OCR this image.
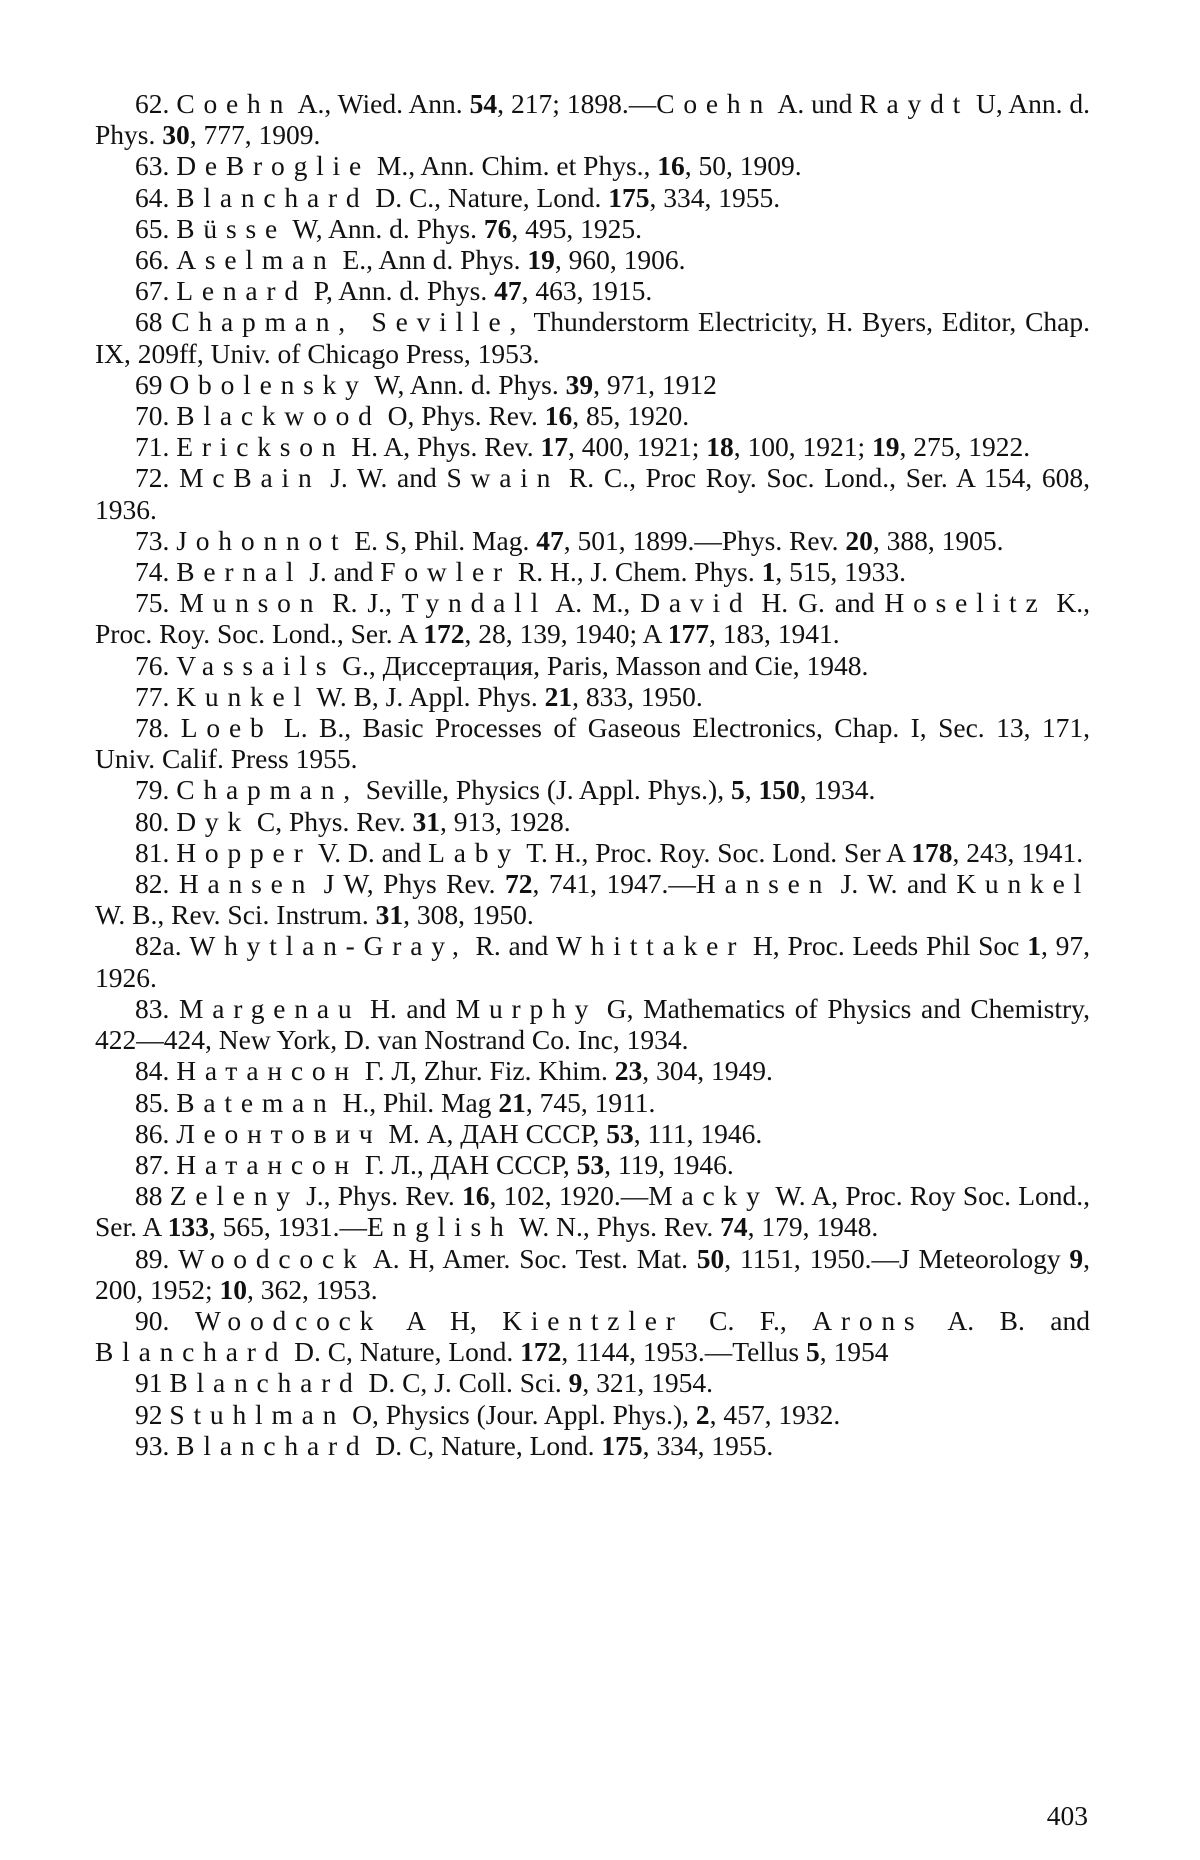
62. Coehn A., Wied. Ann. 54, 217; 1898.—Coehn A. und Raydt U, Ann. d. Phys. 30, 777, 1909.

63. DeBroglie M., Ann. Chim. et Phys., 16, 50, 1909.

64. Blanchard D. C., Nature, Lond. 175, 334, 1955.

65. Büsse W, Ann. d. Phys. 76, 495, 1925.

66. Aselman E., Ann d. Phys. 19, 960, 1906.

67. Lenard P, Ann. d. Phys. 47, 463, 1915.

68 Chapman, Seville, Thunderstorm Electricity, H. Byers, Editor, Chap. IX, 209ff, Univ. of Chicago Press, 1953.

69 Obolensky W, Ann. d. Phys. 39, 971, 1912

70. Blackwood O, Phys. Rev. 16, 85, 1920.

71. Erickson H. A, Phys. Rev. 17, 400, 1921; 18, 100, 1921; 19, 275, 1922.

72. McBain J. W. and Swain R. C., Proc Roy. Soc. Lond., Ser. A 154, 608, 1936.

73. Johonnot E. S, Phil. Mag. 47, 501, 1899.—Phys. Rev. 20, 388, 1905.

74. Bernal J. and Fowler R. H., J. Chem. Phys. 1, 515, 1933.

75. Munson R. J., Tyndall A. M., David H. G. and Hoselitz K., Proc. Roy. Soc. Lond., Ser. A 172, 28, 139, 1940; A 177, 183, 1941.

76. Vassails G., Диссертация, Paris, Masson and Cie, 1948.

77. Kunkel W. B, J. Appl. Phys. 21, 833, 1950.

78. Loeb L. B., Basic Processes of Gaseous Electronics, Chap. I, Sec. 13, 171, Univ. Calif. Press 1955.

79. Chapman, Seville, Physics (J. Appl. Phys.), 5, 150, 1934.

80. Dyk C, Phys. Rev. 31, 913, 1928.

81. Hopper V. D. and Laby T. H., Proc. Roy. Soc. Lond. Ser A 178, 243, 1941.

82. Hansen J W, Phys Rev. 72, 741, 1947.—Hansen J. W. and Kunkel W. B., Rev. Sci. Instrum. 31, 308, 1950.

82a. Whytlan-Gray, R. and Whittaker H, Proc. Leeds Phil Soc 1, 97, 1926.

83. Margenau H. and Murphy G, Mathematics of Physics and Chemistry, 422—424, New York, D. van Nostrand Co. Inc, 1934.

84. Натансон Г. Л, Zhur. Fiz. Khim. 23, 304, 1949.

85. Bateman H., Phil. Mag 21, 745, 1911.

86. Леонтович М. А, ДАН СССР, 53, 111, 1946.

87. Натансон Г. Л., ДАН СССР, 53, 119, 1946.

88 Zeleny J., Phys. Rev. 16, 102, 1920.—Macky W. A, Proc. Roy Soc. Lond., Ser. A 133, 565, 1931.—English W. N., Phys. Rev. 74, 179, 1948.

89. Woodcock A. H, Amer. Soc. Test. Mat. 50, 1151, 1950.—J Meteorology 9, 200, 1952; 10, 362, 1953.

90. Woodcock A H, Kientzler C. F., Arons A. B. and Blanchard D. C, Nature, Lond. 172, 1144, 1953.—Tellus 5, 1954

91 Blanchard D. C, J. Coll. Sci. 9, 321, 1954.

92 Stuhlman O, Physics (Jour. Appl. Phys.), 2, 457, 1932.

93. Blanchard D. C, Nature, Lond. 175, 334, 1955.

403
